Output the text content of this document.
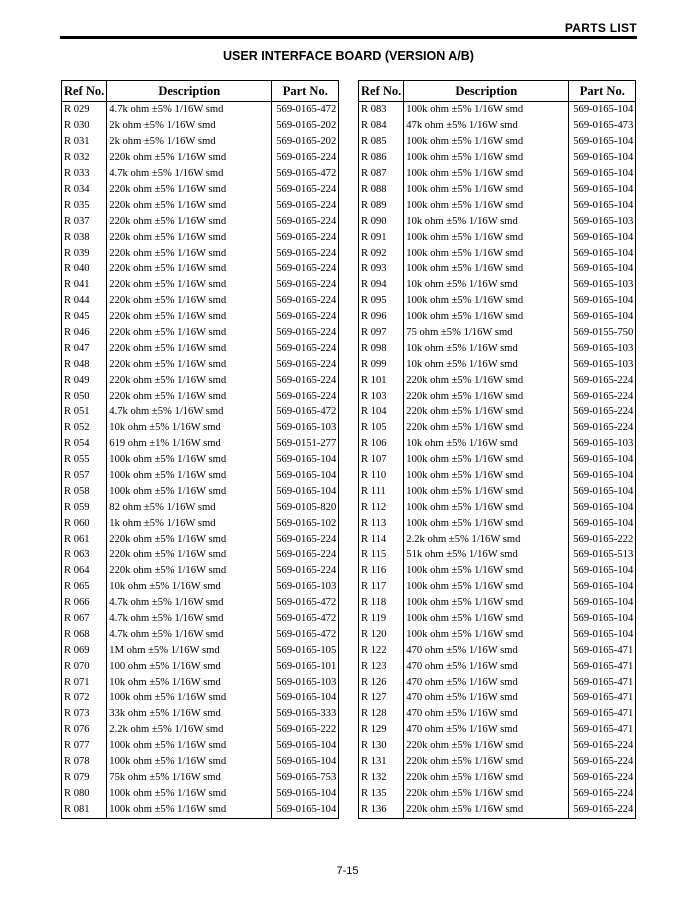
PARTS LIST
USER INTERFACE BOARD (VERSION A/B)
Ref No.	Description	Part No.
R 029	4.7k ohm ±5% 1/16W smd	569-0165-472
R 030	2k ohm ±5% 1/16W smd	569-0165-202
R 031	2k ohm ±5% 1/16W smd	569-0165-202
R 032	220k ohm ±5% 1/16W smd	569-0165-224
R 033	4.7k ohm ±5% 1/16W smd	569-0165-472
R 034	220k ohm ±5% 1/16W smd	569-0165-224
R 035	220k ohm ±5% 1/16W smd	569-0165-224
R 037	220k ohm ±5% 1/16W smd	569-0165-224
R 038	220k ohm ±5% 1/16W smd	569-0165-224
R 039	220k ohm ±5% 1/16W smd	569-0165-224
R 040	220k ohm ±5% 1/16W smd	569-0165-224
R 041	220k ohm ±5% 1/16W smd	569-0165-224
R 044	220k ohm ±5% 1/16W smd	569-0165-224
R 045	220k ohm ±5% 1/16W smd	569-0165-224
R 046	220k ohm ±5% 1/16W smd	569-0165-224
R 047	220k ohm ±5% 1/16W smd	569-0165-224
R 048	220k ohm ±5% 1/16W smd	569-0165-224
R 049	220k ohm ±5% 1/16W smd	569-0165-224
R 050	220k ohm ±5% 1/16W smd	569-0165-224
R 051	4.7k ohm ±5% 1/16W smd	569-0165-472
R 052	10k ohm ±5% 1/16W smd	569-0165-103
R 054	619 ohm ±1% 1/16W smd	569-0151-277
R 055	100k ohm ±5% 1/16W smd	569-0165-104
R 057	100k ohm ±5% 1/16W smd	569-0165-104
R 058	100k ohm ±5% 1/16W smd	569-0165-104
R 059	82 ohm ±5% 1/16W smd	569-0105-820
R 060	1k ohm ±5% 1/16W smd	569-0165-102
R 061	220k ohm ±5% 1/16W smd	569-0165-224
R 063	220k ohm ±5% 1/16W smd	569-0165-224
R 064	220k ohm ±5% 1/16W smd	569-0165-224
R 065	10k ohm ±5% 1/16W smd	569-0165-103
R 066	4.7k ohm ±5% 1/16W smd	569-0165-472
R 067	4.7k ohm ±5% 1/16W smd	569-0165-472
R 068	4.7k ohm ±5% 1/16W smd	569-0165-472
R 069	1M ohm ±5% 1/16W smd	569-0165-105
R 070	100 ohm ±5% 1/16W smd	569-0165-101
R 071	10k ohm ±5% 1/16W smd	569-0165-103
R 072	100k ohm ±5% 1/16W smd	569-0165-104
R 073	33k ohm ±5% 1/16W smd	569-0165-333
R 076	2.2k ohm ±5% 1/16W smd	569-0165-222
R 077	100k ohm ±5% 1/16W smd	569-0165-104
R 078	100k ohm ±5% 1/16W smd	569-0165-104
R 079	75k ohm ±5% 1/16W smd	569-0165-753
R 080	100k ohm ±5% 1/16W smd	569-0165-104
R 081	100k ohm ±5% 1/16W smd	569-0165-104
Ref No.	Description	Part No.
R 083	100k ohm ±5% 1/16W smd	569-0165-104
R 084	47k ohm ±5% 1/16W smd	569-0165-473
R 085	100k ohm ±5% 1/16W smd	569-0165-104
R 086	100k ohm ±5% 1/16W smd	569-0165-104
R 087	100k ohm ±5% 1/16W smd	569-0165-104
R 088	100k ohm ±5% 1/16W smd	569-0165-104
R 089	100k ohm ±5% 1/16W smd	569-0165-104
R 090	10k ohm ±5% 1/16W smd	569-0165-103
R 091	100k ohm ±5% 1/16W smd	569-0165-104
R 092	100k ohm ±5% 1/16W smd	569-0165-104
R 093	100k ohm ±5% 1/16W smd	569-0165-104
R 094	10k ohm ±5% 1/16W smd	569-0165-103
R 095	100k ohm ±5% 1/16W smd	569-0165-104
R 096	100k ohm ±5% 1/16W smd	569-0165-104
R 097	75 ohm ±5% 1/16W smd	569-0155-750
R 098	10k ohm ±5% 1/16W smd	569-0165-103
R 099	10k ohm ±5% 1/16W smd	569-0165-103
R 101	220k ohm ±5% 1/16W smd	569-0165-224
R 103	220k ohm ±5% 1/16W smd	569-0165-224
R 104	220k ohm ±5% 1/16W smd	569-0165-224
R 105	220k ohm ±5% 1/16W smd	569-0165-224
R 106	10k ohm ±5% 1/16W smd	569-0165-103
R 107	100k ohm ±5% 1/16W smd	569-0165-104
R 110	100k ohm ±5% 1/16W smd	569-0165-104
R 111	100k ohm ±5% 1/16W smd	569-0165-104
R 112	100k ohm ±5% 1/16W smd	569-0165-104
R 113	100k ohm ±5% 1/16W smd	569-0165-104
R 114	2.2k ohm ±5% 1/16W smd	569-0165-222
R 115	51k ohm ±5% 1/16W smd	569-0165-513
R 116	100k ohm ±5% 1/16W smd	569-0165-104
R 117	100k ohm ±5% 1/16W smd	569-0165-104
R 118	100k ohm ±5% 1/16W smd	569-0165-104
R 119	100k ohm ±5% 1/16W smd	569-0165-104
R 120	100k ohm ±5% 1/16W smd	569-0165-104
R 122	470 ohm ±5% 1/16W smd	569-0165-471
R 123	470 ohm ±5% 1/16W smd	569-0165-471
R 126	470 ohm ±5% 1/16W smd	569-0165-471
R 127	470 ohm ±5% 1/16W smd	569-0165-471
R 128	470 ohm ±5% 1/16W smd	569-0165-471
R 129	470 ohm ±5% 1/16W smd	569-0165-471
R 130	220k ohm ±5% 1/16W smd	569-0165-224
R 131	220k ohm ±5% 1/16W smd	569-0165-224
R 132	220k ohm ±5% 1/16W smd	569-0165-224
R 135	220k ohm ±5% 1/16W smd	569-0165-224
R 136	220k ohm ±5% 1/16W smd	569-0165-224
7-15
